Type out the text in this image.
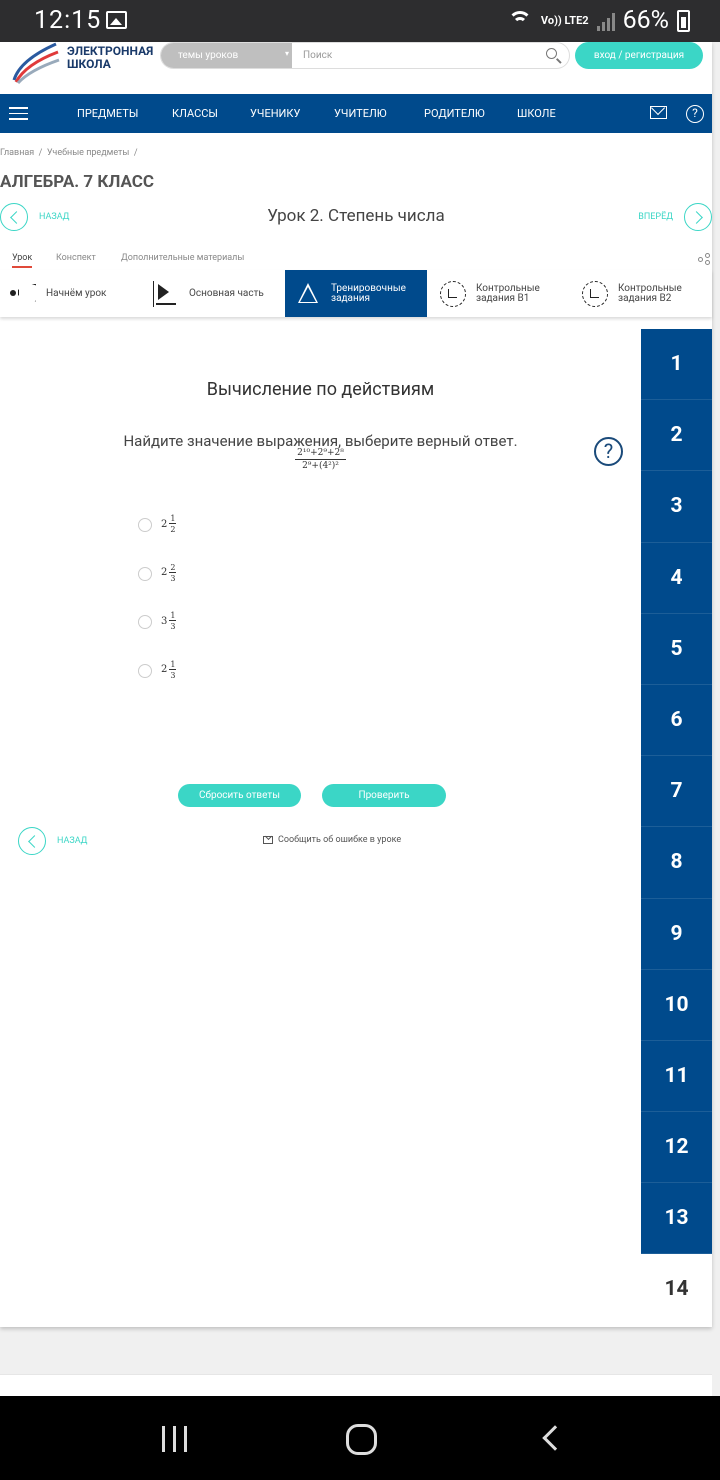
12:15	Vo)) LTE2 66%
ЭЛЕКТРОННАЯ
ШКОЛА
темы уроков ▾	Поиск	вход / регистрация
ПРЕДМЕТЫ	КЛАССЫ	УЧЕНИКУ	УЧИТЕЛЮ	РОДИТЕЛЮ	ШКОЛЕ	?
Главная  /  Учебные предметы  /
АЛГЕБРА. 7 КЛАСС
НАЗАД	Урок 2. Степень числа	ВПЕРЁД
Урок	Конспект	Дополнительные материалы
Начнём урок	Основная часть	Тренировочные задания
Контрольные задания В1
Контрольные задания В2
Вычисление по действиям
Найдите значение выражения, выберите верный ответ.
$\frac{\text{2¹⁰+2⁹+2⁸}}{\text{2⁹+(4²)²}}$	?
$2 \frac{1}{2}$
$2 \frac{2}{3}$
$3 \frac{1}{3}$
$2 \frac{1}{3}$
Сбросить ответы	Проверить
НАЗАД	Сообщить об ошибке в уроке
1
2
3
4
5
6
7
8
9
10
11
12
13
14
